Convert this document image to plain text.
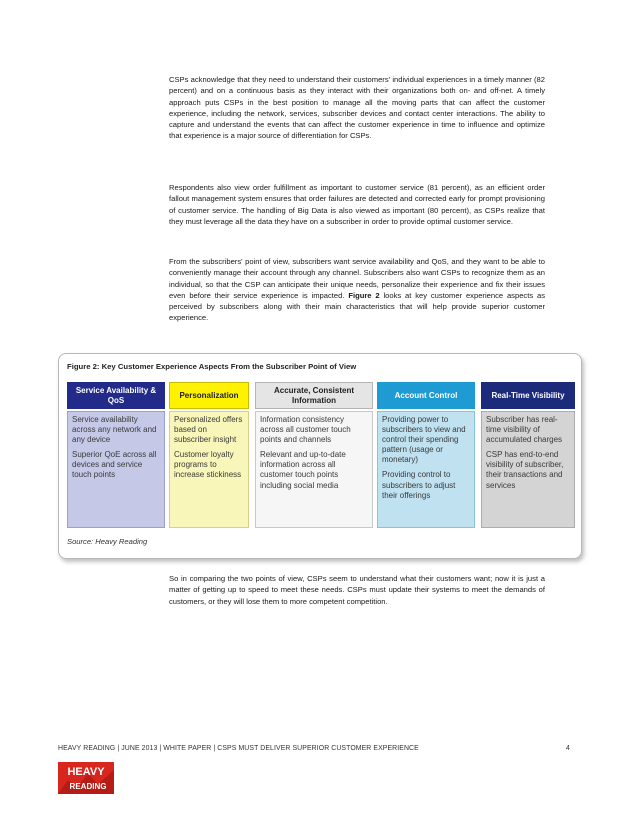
CSPs acknowledge that they need to understand their customers' individual experiences in a timely manner (82 percent) and on a continuous basis as they interact with their organizations both on- and off-net. A timely approach puts CSPs in the best position to manage all the moving parts that can affect the customer experience, including the network, services, subscriber devices and contact center interactions. The ability to capture and understand the events that can affect the customer experience in time to influence and optimize that experience is a major source of differentiation for CSPs.

Respondents also view order fulfillment as important to customer service (81 percent), as an efficient order fallout management system ensures that order failures are detected and corrected early for prompt provisioning of customer service. The handling of Big Data is also viewed as important (80 percent), as CSPs realize that they must leverage all the data they have on a subscriber in order to provide optimal customer service.

From the subscribers' point of view, subscribers want service availability and QoS, and they want to be able to conveniently manage their account through any channel. Subscribers also want CSPs to recognize them as an individual, so that the CSP can anticipate their unique needs, personalize their experience and fix their issues even before their service experience is impacted. Figure 2 looks at key customer experience aspects as perceived by subscribers along with their main characteristics that will help provide superior customer experience.

Figure 2: Key Customer Experience Aspects From the Subscriber Point of View

Service Availability & QoS

Service availability across any network and any device

Superior QoE across all devices and service touch points

Personalization

Personalized offers based on subscriber insight

Customer loyalty programs to increase stickiness

Accurate, Consistent Information

Information consistency across all customer touch points and channels

Relevant and up-to-date information across all customer touch points including social media

Account Control

Providing power to subscribers to view and control their spending pattern (usage or monetary)

Providing control to subscribers to adjust their offerings

Real-Time Visibility

Subscriber has real-time visibility of accumulated charges

CSP has end-to-end visibility of subscriber, their transactions and services

Source: Heavy Reading

So in comparing the two points of view, CSPs seem to understand what their customers want; now it is just a matter of getting up to speed to meet these needs. CSPs must update their systems to meet the demands of customers, or they will lose them to more competent competition.

HEAVY READING | JUNE 2013 | WHITE PAPER | CSPS MUST DELIVER SUPERIOR CUSTOMER EXPERIENCE	4

HEAVY
READING
